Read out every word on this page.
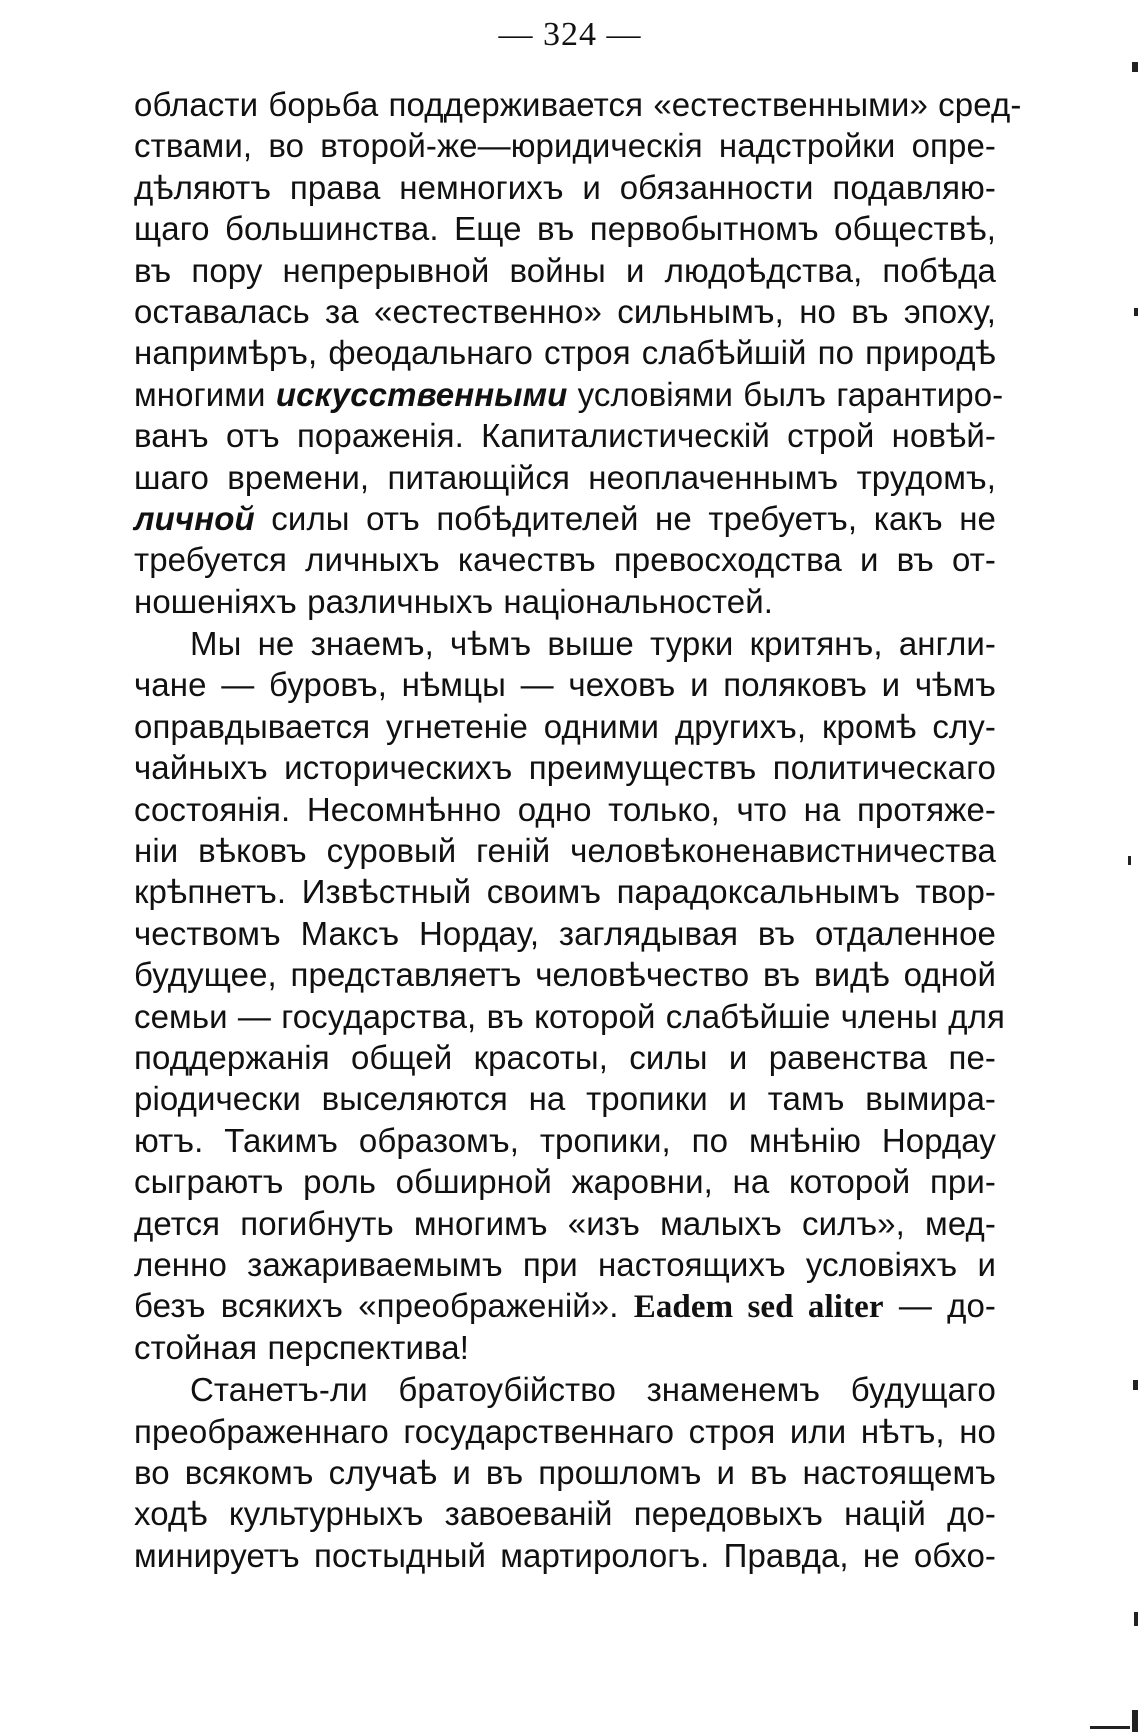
— 324 —
области борьба поддерживается «естественными» сред-
ствами, во второй-же—юридическія надстройки опре-
дѣляютъ права немногихъ и обязанности подавляю-
щаго большинства. Еще въ первобытномъ обществѣ,
въ пору непрерывной войны и людоѣдства, побѣда
оставалась за «естественно» сильнымъ, но въ эпоху,
напримѣръ, феодальнаго строя слабѣйшій по природѣ
многими искусственными условіями былъ гарантиро-
ванъ отъ пораженія. Капиталистическій строй новѣй-
шаго времени, питающійся неоплаченнымъ трудомъ,
личной силы отъ побѣдителей не требуетъ, какъ не
требуется личныхъ качествъ превосходства и въ от-
ношеніяхъ различныхъ національностей.
Мы не знаемъ, чѣмъ выше турки критянъ, англи-
чане — буровъ, нѣмцы — чеховъ и поляковъ и чѣмъ
оправдывается угнетеніе одними другихъ, кромѣ слу-
чайныхъ историческихъ преимуществъ политическаго
состоянія. Несомнѣнно одно только, что на протяже-
ніи вѣковъ суровый геній человѣконенавистничества
крѣпнетъ. Извѣстный своимъ парадоксальнымъ твор-
чествомъ Максъ Нордау, заглядывая въ отдаленное
будущее, представляетъ человѣчество въ видѣ одной
семьи — государства, въ которой слабѣйшіе члены для
поддержанія общей красоты, силы и равенства пе-
ріодически выселяются на тропики и тамъ вымира-
ютъ. Такимъ образомъ, тропики, по мнѣнію Нордау
сыграютъ роль обширной жаровни, на которой при-
дется погибнуть многимъ «изъ малыхъ силъ», мед-
ленно зажариваемымъ при настоящихъ условіяхъ и
безъ всякихъ «преображеній». Eadem sed aliter — до-
стойная перспектива!
Станетъ-ли братоубійство знаменемъ будущаго
преображеннаго государственнаго строя или нѣтъ, но
во всякомъ случаѣ и въ прошломъ и въ настоящемъ
ходѣ культурныхъ завоеваній передовыхъ націй до-
минируетъ постыдный мартирологъ. Правда, не обхо-
